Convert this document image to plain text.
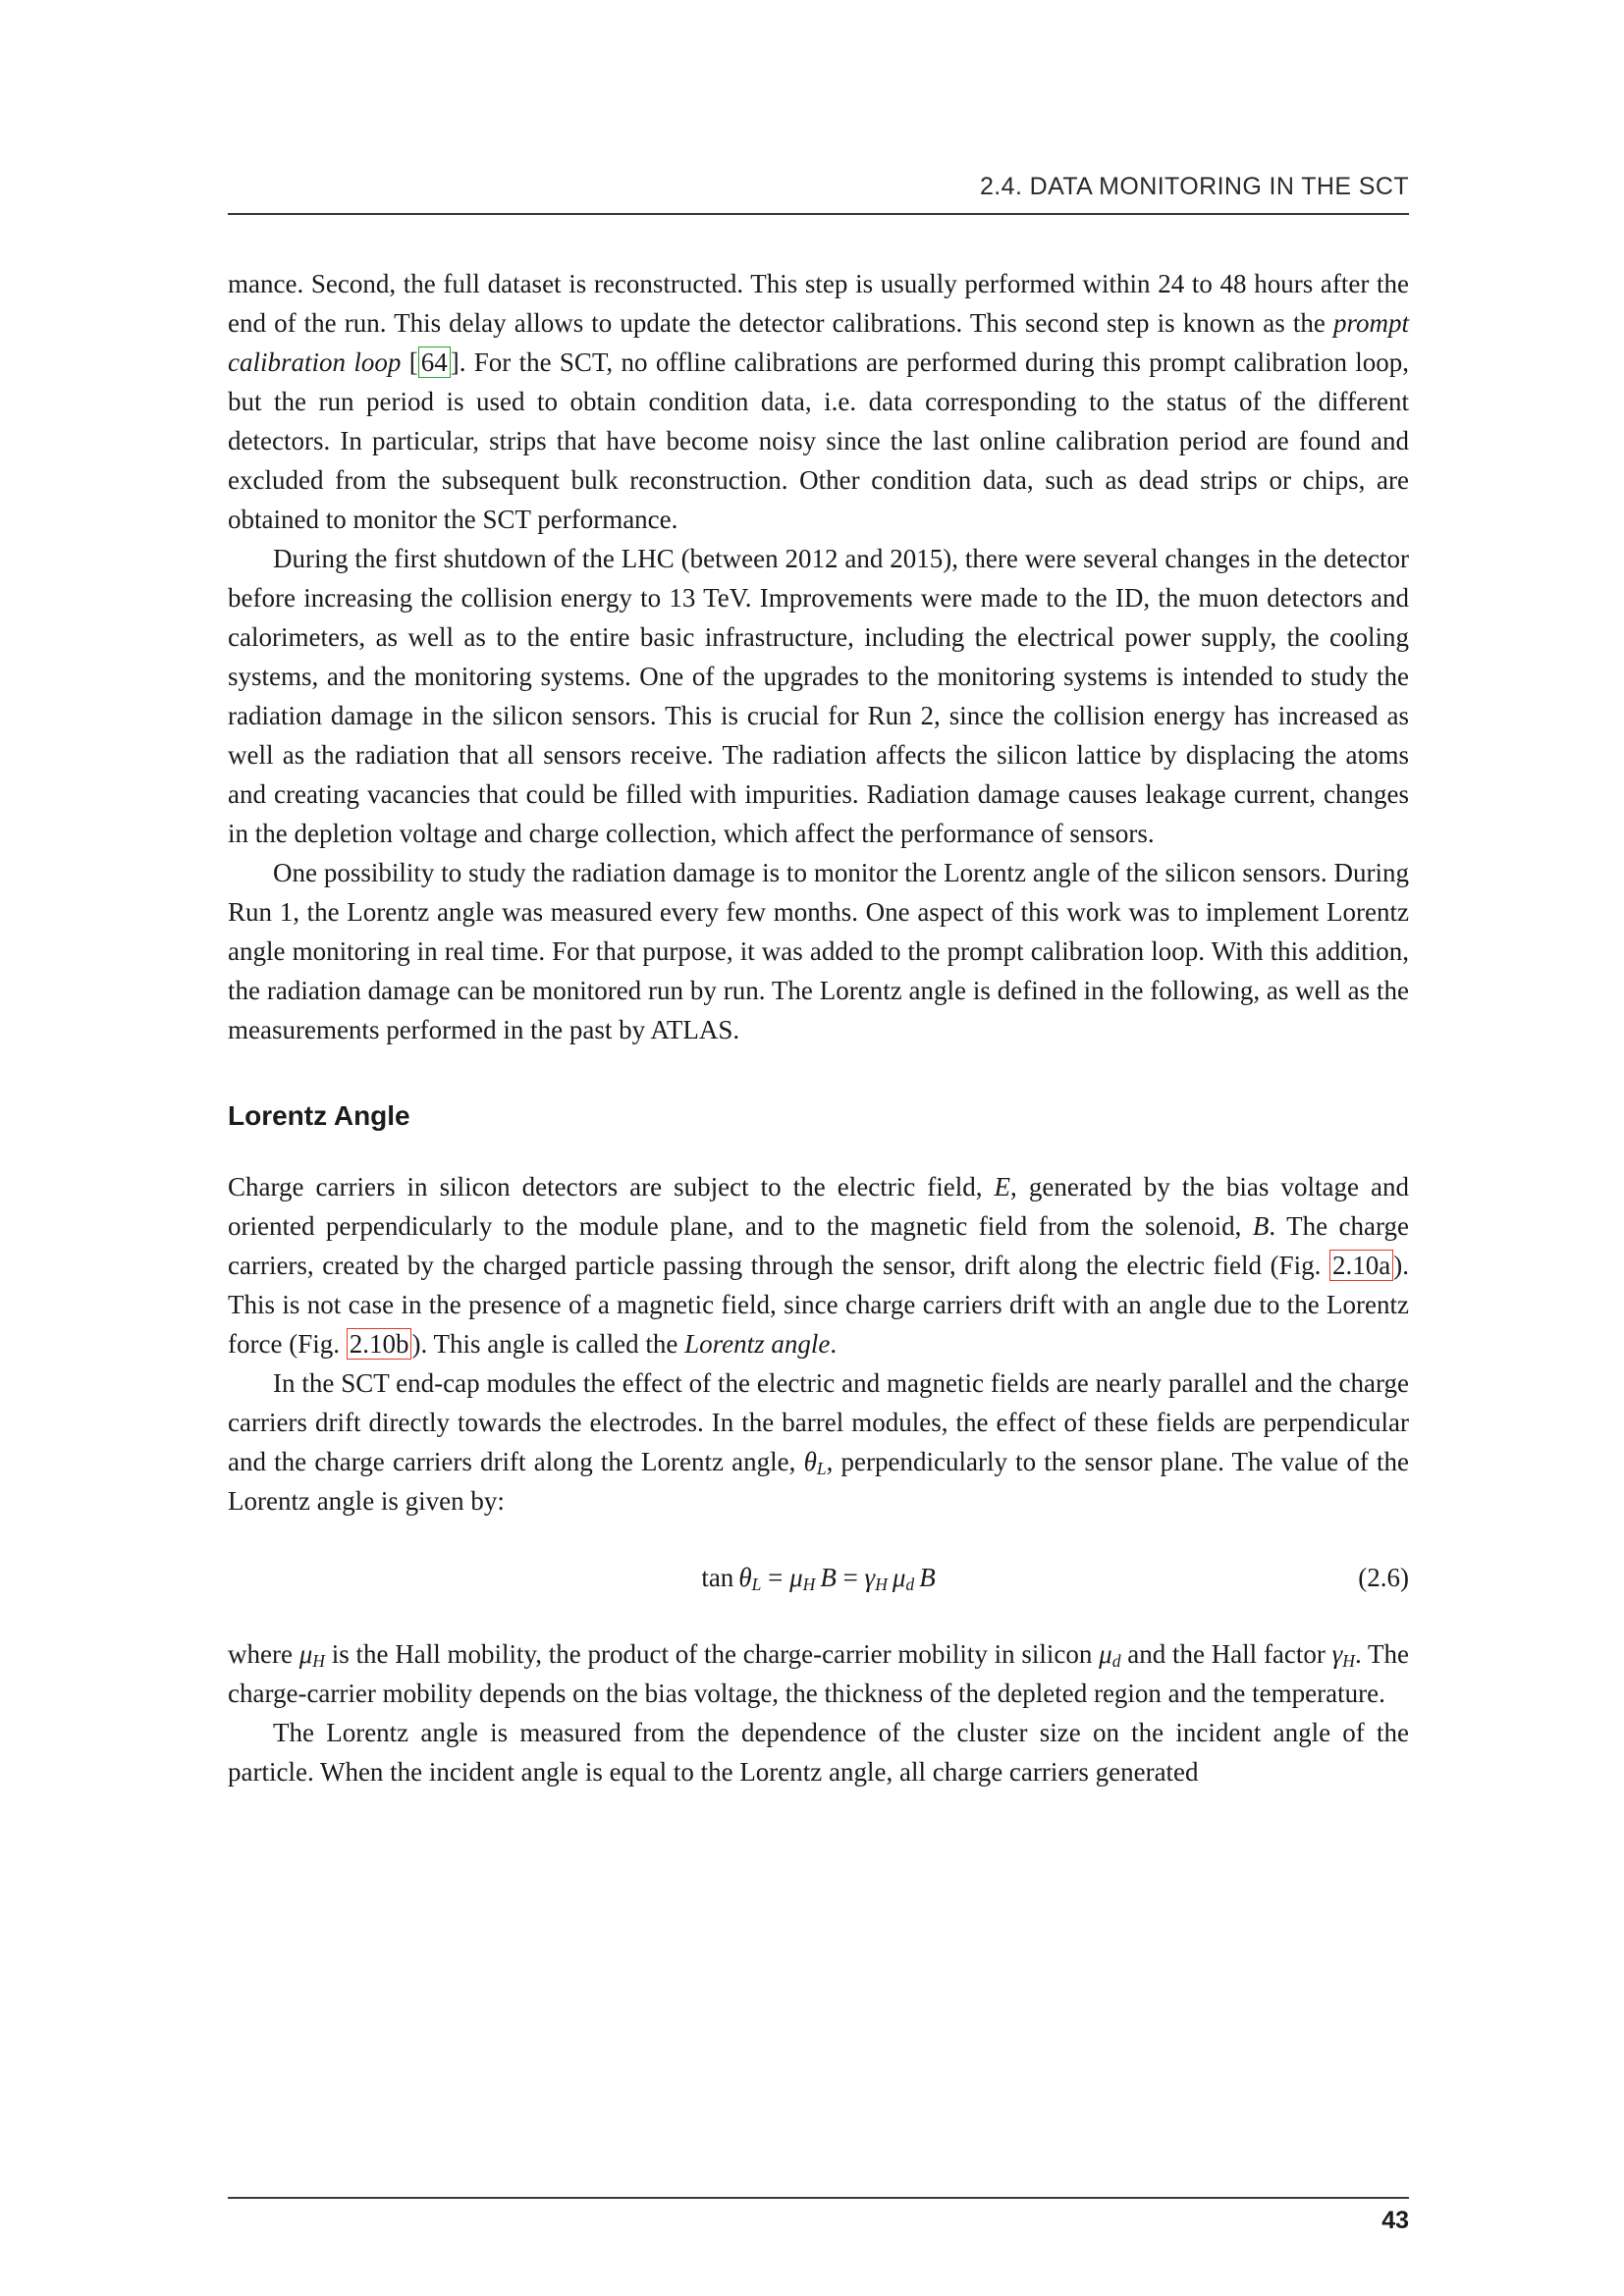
2.4. DATA MONITORING IN THE SCT

mance. Second, the full dataset is reconstructed. This step is usually performed within 24 to 48 hours after the end of the run. This delay allows to update the detector calibrations. This second step is known as the prompt calibration loop [ 64 ]. For the SCT, no offline calibrations are performed during this prompt calibration loop, but the run period is used to obtain condition data, i.e. data corresponding to the status of the different detectors. In particular, strips that have become noisy since the last online calibration period are found and excluded from the subsequent bulk reconstruction. Other condition data, such as dead strips or chips, are obtained to monitor the SCT performance.

During the first shutdown of the LHC (between 2012 and 2015), there were several changes in the detector before increasing the collision energy to 13 TeV. Improvements were made to the ID, the muon detectors and calorimeters, as well as to the entire basic infrastructure, including the electrical power supply, the cooling systems, and the monitoring systems. One of the upgrades to the monitoring systems is intended to study the radiation damage in the silicon sensors. This is crucial for Run 2, since the collision energy has increased as well as the radiation that all sensors receive. The radiation affects the silicon lattice by displacing the atoms and creating vacancies that could be filled with impurities. Radiation damage causes leakage current, changes in the depletion voltage and charge collection, which affect the performance of sensors.

One possibility to study the radiation damage is to monitor the Lorentz angle of the silicon sensors. During Run 1, the Lorentz angle was measured every few months. One aspect of this work was to implement Lorentz angle monitoring in real time. For that purpose, it was added to the prompt calibration loop. With this addition, the radiation damage can be monitored run by run. The Lorentz angle is defined in the following, as well as the measurements performed in the past by ATLAS.

Lorentz Angle

Charge carriers in silicon detectors are subject to the electric field, E, generated by the bias voltage and oriented perpendicularly to the module plane, and to the magnetic field from the solenoid, B. The charge carriers, created by the charged particle passing through the sensor, drift along the electric field (Fig. 2.10a ). This is not case in the presence of a magnetic field, since charge carriers drift with an angle due to the Lorentz force (Fig. 2.10b ). This angle is called the Lorentz angle.

In the SCT end-cap modules the effect of the electric and magnetic fields are nearly parallel and the charge carriers drift directly towards the electrodes. In the barrel modules, the effect of these fields are perpendicular and the charge carriers drift along the Lorentz angle, $\theta_L$, perpendicularly to the sensor plane. The value of the Lorentz angle is given by:

$\tan \theta_L = \mu_H$ $B = \gamma_H$ $\mu_d$ B	(2.6)

where $\mu_H$ is the Hall mobility, the product of the charge-carrier mobility in silicon $\mu_d$ and the Hall factor $\gamma_H$. The charge-carrier mobility depends on the bias voltage, the thickness of the depleted region and the temperature.

The Lorentz angle is measured from the dependence of the cluster size on the incident angle of the particle. When the incident angle is equal to the Lorentz angle, all charge carriers generated

43
